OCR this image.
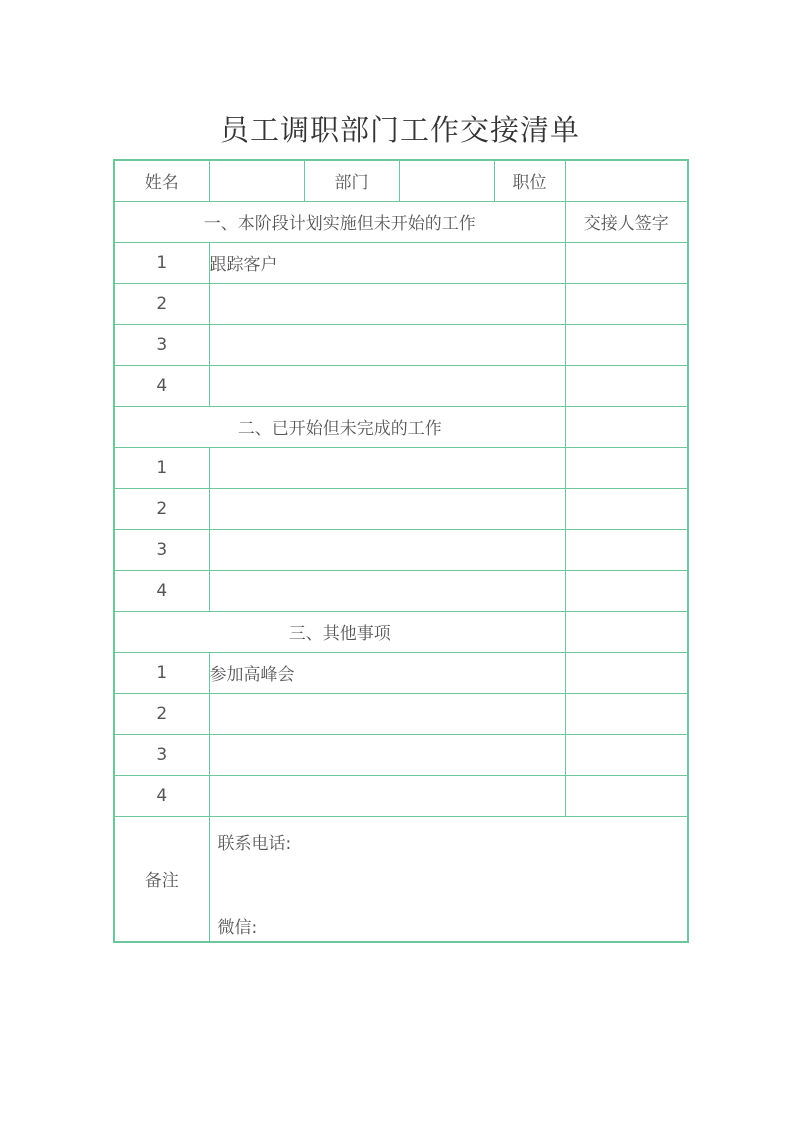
员工调职部门工作交接清单
姓名		部门		职位	
一、本阶段计划实施但未开始的工作					交接人签字
1	跟踪客户				
2					
3					
4					
二、已开始但未完成的工作					
1					
2					
3					
4					
三、其他事项					
1	参加高峰会				
2					
3					
4					
备注	联系电话:
微信:				
